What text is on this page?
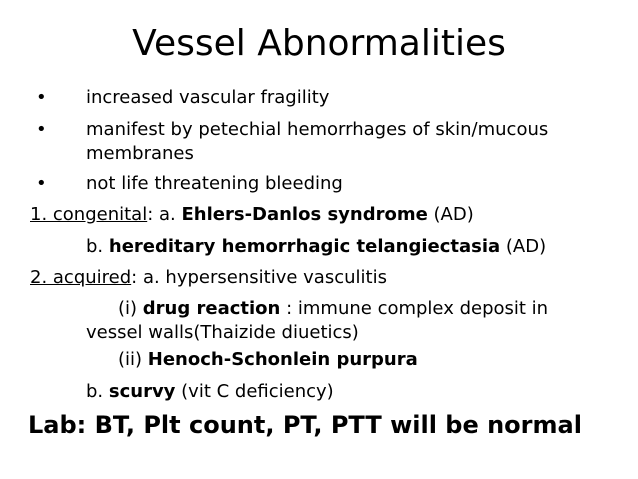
Vessel Abnormalities
• increased vascular fragility
• manifest by petechial hemorrhages of skin/mucous
membranes
• not life threatening bleeding
1. congenital: a. Ehlers-Danlos syndrome (AD)
b. hereditary hemorrhagic telangiectasia (AD)
2. acquired: a. hypersensitive vasculitis
(i) drug reaction : immune complex deposit in
vessel walls(Thaizide diuetics)
(ii) Henoch-Schonlein purpura
b. scurvy (vit C deficiency)
Lab: BT, Plt count, PT, PTT will be normal
